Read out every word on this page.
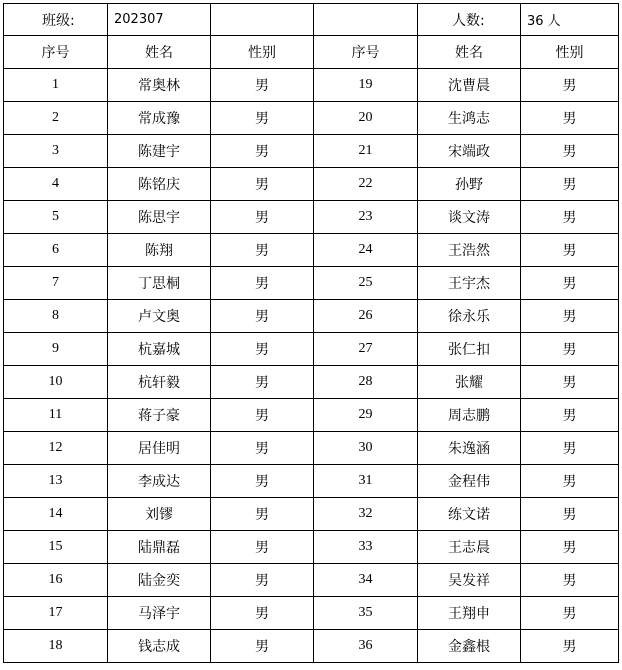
班级:	202307			人数:	36 人
序号	姓名	性别	序号	姓名	性别
1	常奥林	男	19	沈曹晨	男
2	常成豫	男	20	生鸿志	男
3	陈建宇	男	21	宋端政	男
4	陈铭庆	男	22	孙野	男
5	陈思宇	男	23	谈文涛	男
6	陈翔	男	24	王浩然	男
7	丁思桐	男	25	王宇杰	男
8	卢文奥	男	26	徐永乐	男
9	杭嘉城	男	27	张仁扣	男
10	杭轩毅	男	28	张耀	男
11	蒋子豪	男	29	周志鹏	男
12	居佳明	男	30	朱逸涵	男
13	李成达	男	31	金程伟	男
14	刘镠	男	32	练文诺	男
15	陆鼎磊	男	33	王志晨	男
16	陆金奕	男	34	吴发祥	男
17	马泽宇	男	35	王翔申	男
18	钱志成	男	36	金鑫根	男
